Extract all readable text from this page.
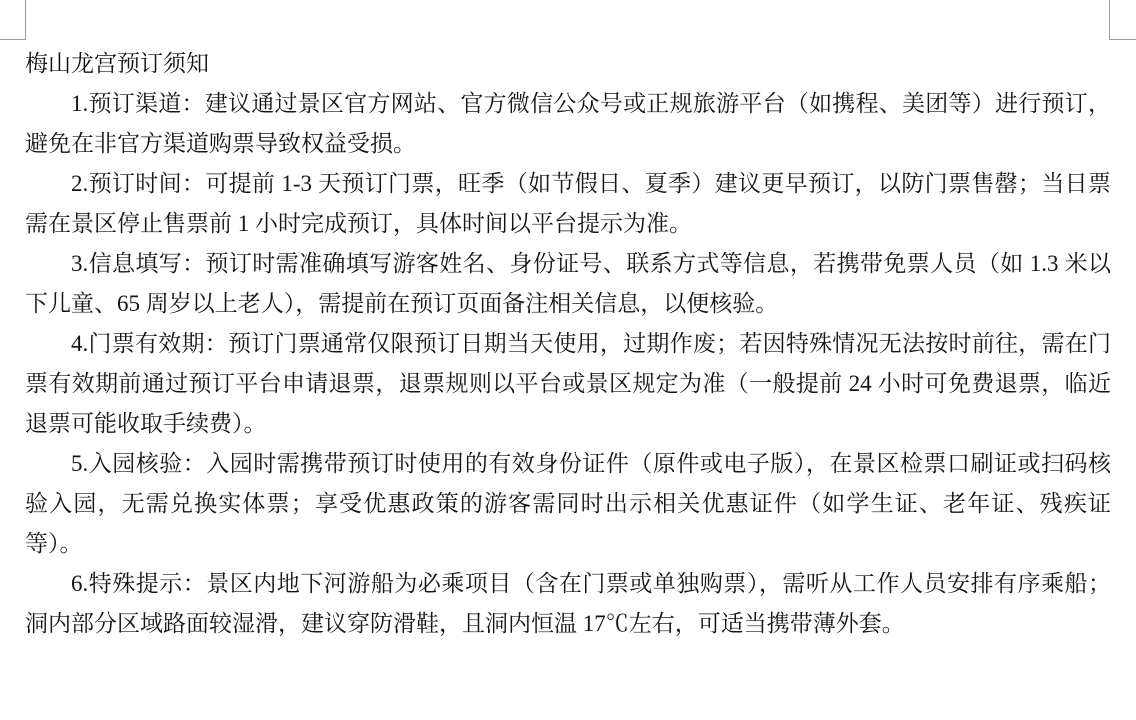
梅山龙宫预订须知

1.预订渠道：建议通过景区官方网站、官方微信公众号或正规旅游平台（如携程、美团等）进行预订，避免在非官方渠道购票导致权益受损。

2.预订时间：可提前 1-3 天预订门票，旺季（如节假日、夏季）建议更早预订，以防门票售罄；当日票需在景区停止售票前 1 小时完成预订，具体时间以平台提示为准。

3.信息填写：预订时需准确填写游客姓名、身份证号、联系方式等信息，若携带免票人员（如 1.3 米以下儿童、65 周岁以上老人），需提前在预订页面备注相关信息，以便核验。

4.门票有效期：预订门票通常仅限预订日期当天使用，过期作废；若因特殊情况无法按时前往，需在门票有效期前通过预订平台申请退票，退票规则以平台或景区规定为准（一般提前 24 小时可免费退票，临近退票可能收取手续费）。

5.入园核验：入园时需携带预订时使用的有效身份证件（原件或电子版），在景区检票口刷证或扫码核验入园，无需兑换实体票；享受优惠政策的游客需同时出示相关优惠证件（如学生证、老年证、残疾证等）。

6.特殊提示：景区内地下河游船为必乘项目（含在门票或单独购票），需听从工作人员安排有序乘船；洞内部分区域路面较湿滑，建议穿防滑鞋，且洞内恒温 17℃左右，可适当携带薄外套。
